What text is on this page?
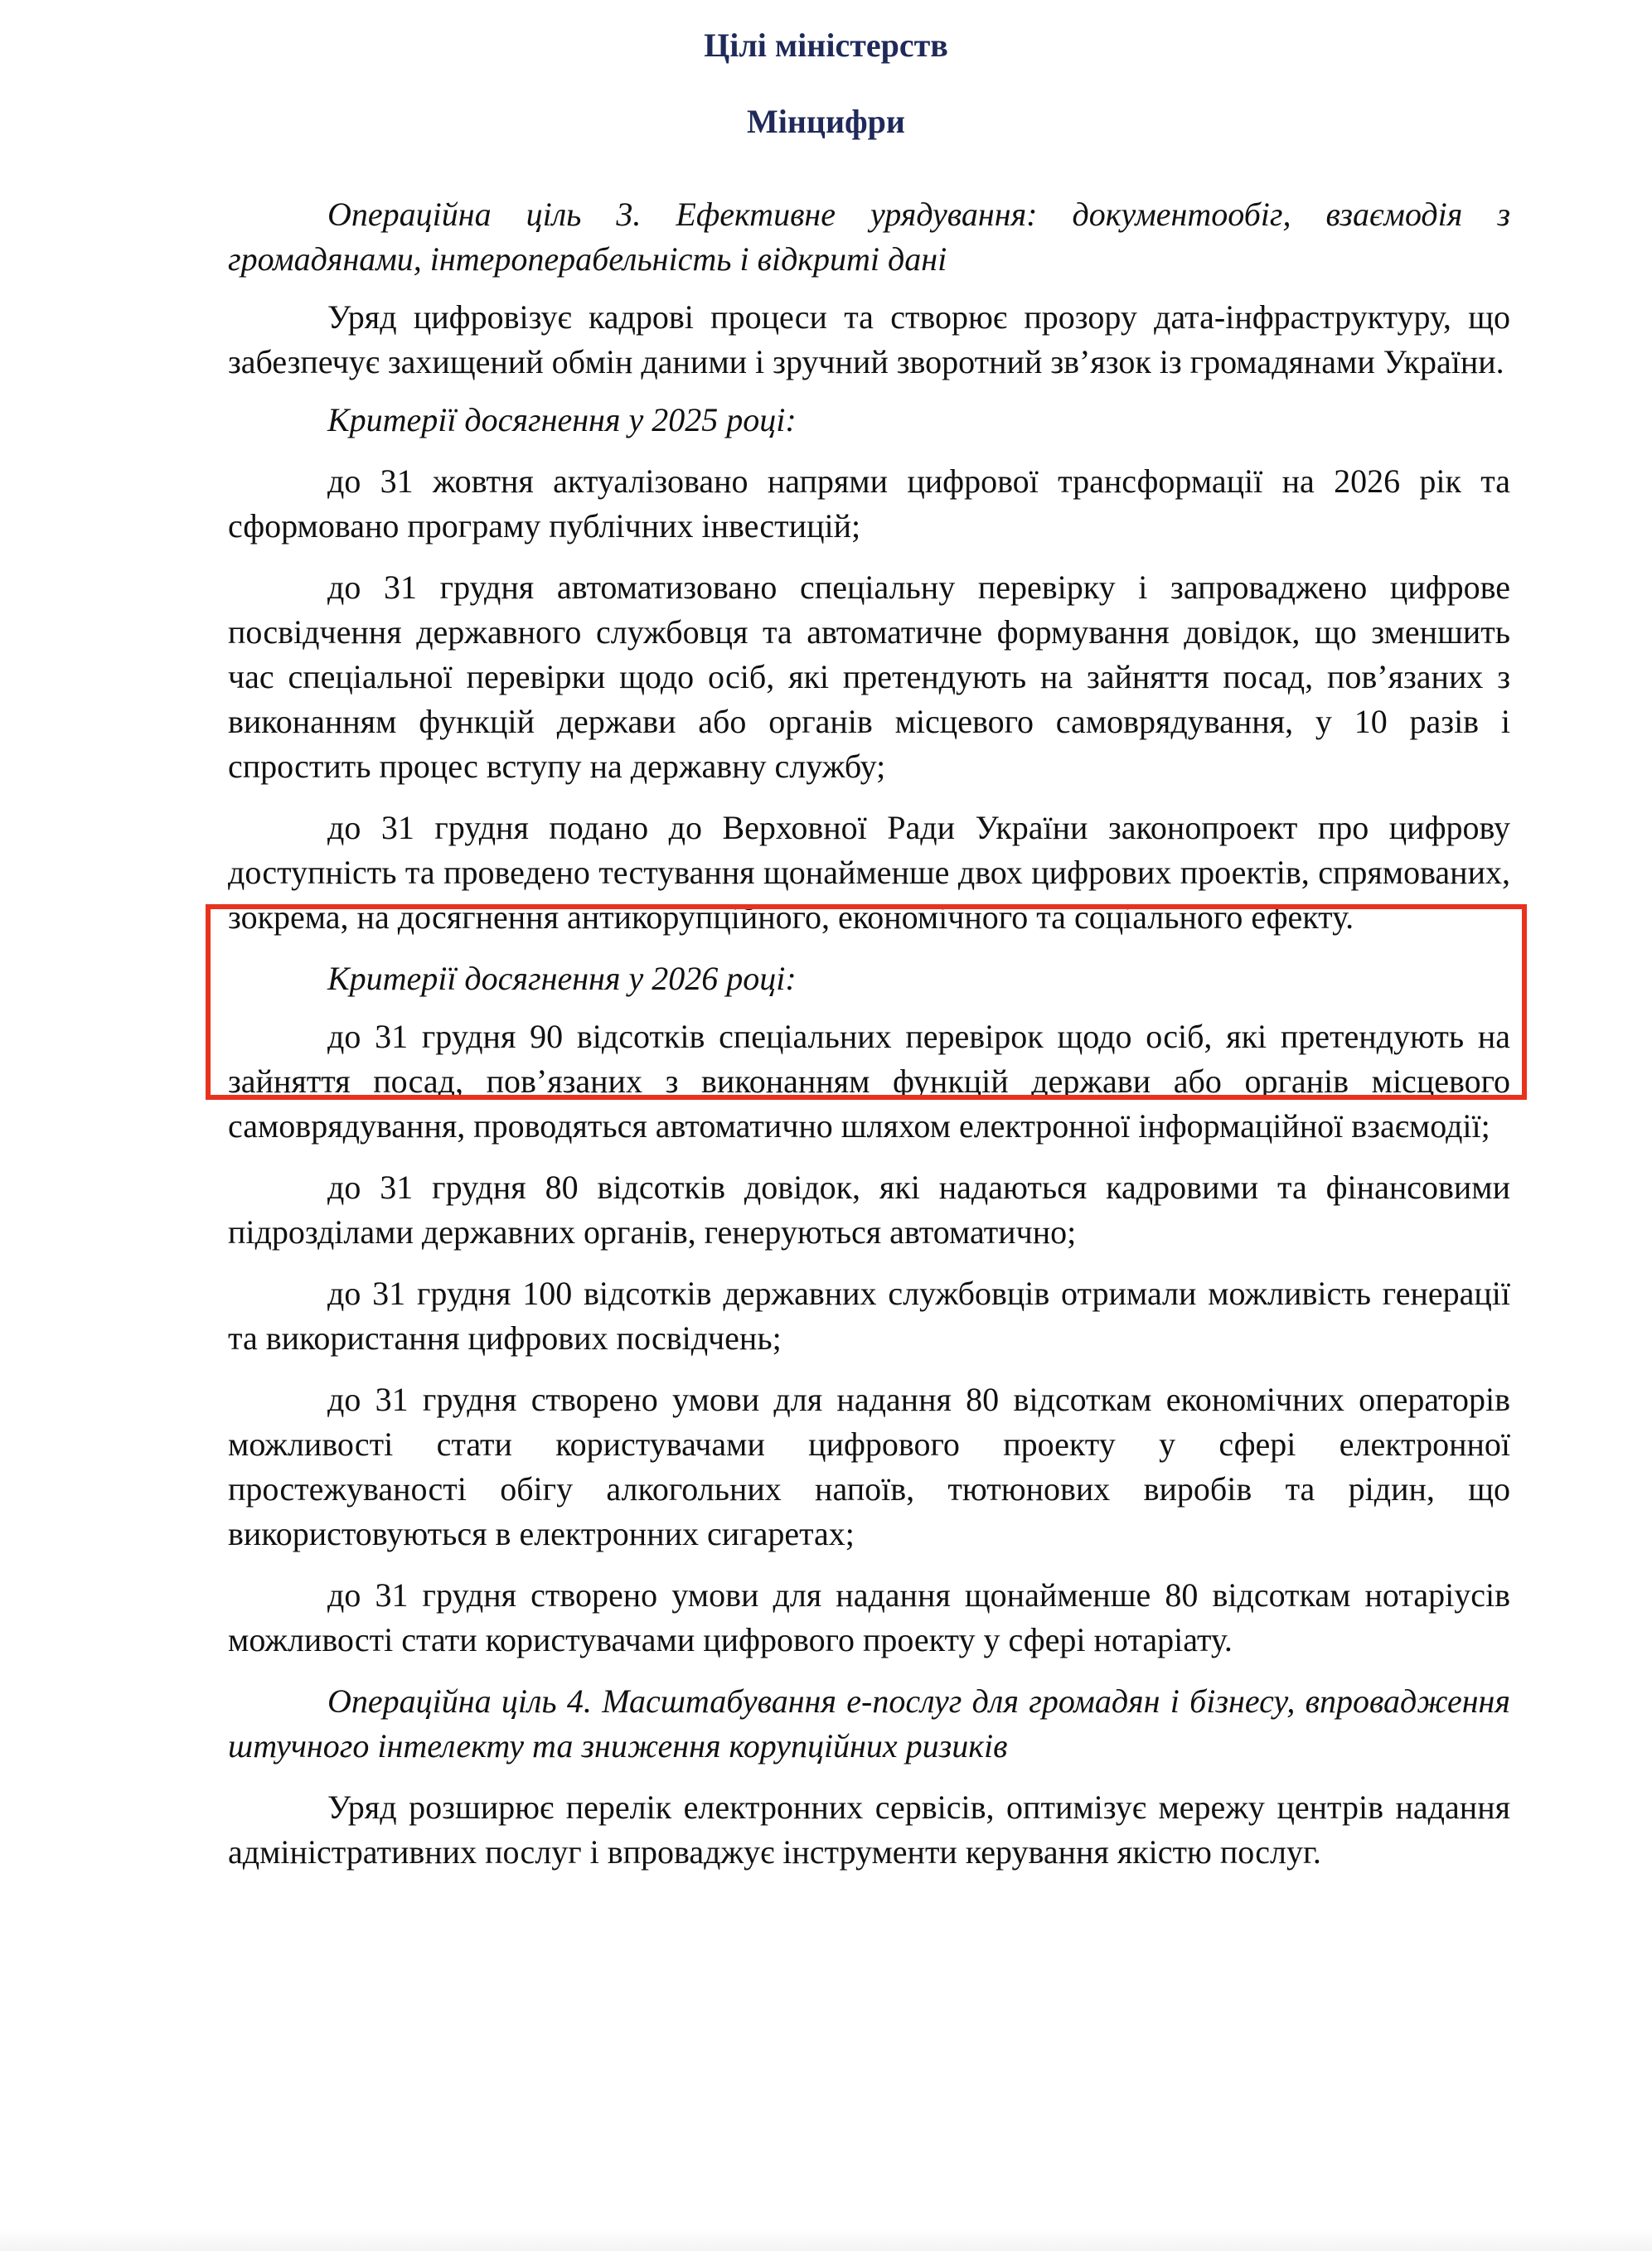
Цілі міністерств
Мінцифри

Операційна ціль 3. Ефективне урядування: документообіг, взаємодія з громадянами, інтероперабельність і відкриті дані

Уряд цифровізує кадрові процеси та створює прозору дата-інфраструктуру, що забезпечує захищений обмін даними і зручний зворотний зв’язок із громадянами України.

Критерії досягнення у 2025 році:

до 31 жовтня актуалізовано напрями цифрової трансформації на 2026 рік та сформовано програму публічних інвестицій;

до 31 грудня автоматизовано спеціальну перевірку і запроваджено цифрове посвідчення державного службовця та автоматичне формування довідок, що зменшить час спеціальної перевірки щодо осіб, які претендують на зайняття посад, пов’язаних з виконанням функцій держави або органів місцевого самоврядування, у 10 разів і спростить процес вступу на державну службу;

до 31 грудня подано до Верховної Ради України законопроект про цифрову доступність та проведено тестування щонайменше двох цифрових проектів, спрямованих, зокрема, на досягнення антикорупційного, економічного та соціального ефекту.

Критерії досягнення у 2026 році:

до 31 грудня 90 відсотків спеціальних перевірок щодо осіб, які претендують на зайняття посад, пов’язаних з виконанням функцій держави або органів місцевого самоврядування, проводяться автоматично шляхом електронної інформаційної взаємодії;

до 31 грудня 80 відсотків довідок, які надаються кадровими та фінансовими підрозділами державних органів, генеруються автоматично;

до 31 грудня 100 відсотків державних службовців отримали можливість генерації та використання цифрових посвідчень;

до 31 грудня створено умови для надання 80 відсоткам економічних операторів можливості стати користувачами цифрового проекту у сфері електронної простежуваності обігу алкогольних напоїв, тютюнових виробів та рідин, що використовуються в електронних сигаретах;

до 31 грудня створено умови для надання щонайменше 80 відсоткам нотаріусів можливості стати користувачами цифрового проекту у сфері нотаріату.

Операційна ціль 4. Масштабування е-послуг для громадян і бізнесу, впровадження штучного інтелекту та зниження корупційних ризиків

Уряд розширює перелік електронних сервісів, оптимізує мережу центрів надання адміністративних послуг і впроваджує інструменти керування якістю послуг.
